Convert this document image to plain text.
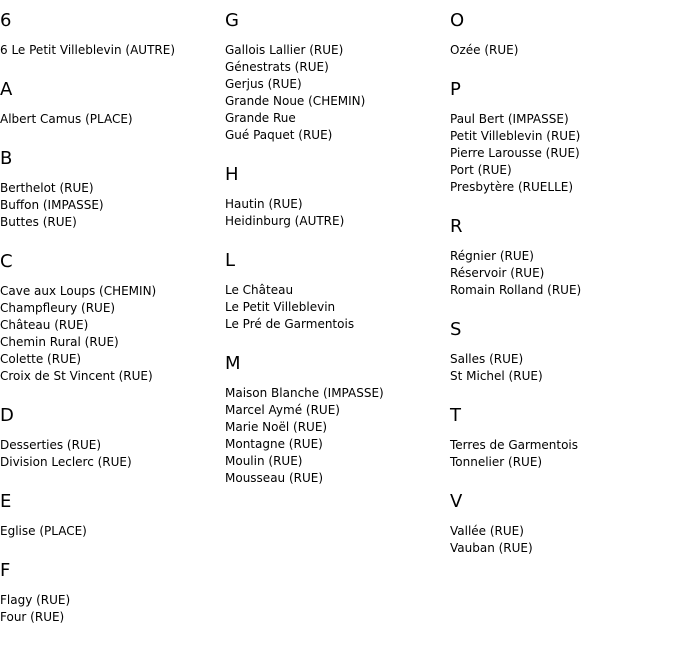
6
6 Le Petit Villeblevin (AUTRE)
A
Albert Camus (PLACE)
B
Berthelot (RUE)
Buffon (IMPASSE)
Buttes (RUE)
C
Cave aux Loups (CHEMIN)
Champfleury (RUE)
Château (RUE)
Chemin Rural (RUE)
Colette (RUE)
Croix de St Vincent (RUE)
D
Desserties (RUE)
Division Leclerc (RUE)
E
Eglise (PLACE)
F
Flagy (RUE)
Four (RUE)
G
Gallois Lallier (RUE)
Génestrats (RUE)
Gerjus (RUE)
Grande Noue (CHEMIN)
Grande Rue
Gué Paquet (RUE)
H
Hautin (RUE)
Heidinburg (AUTRE)
L
Le Château
Le Petit Villeblevin
Le Pré de Garmentois
M
Maison Blanche (IMPASSE)
Marcel Aymé (RUE)
Marie Noël (RUE)
Montagne (RUE)
Moulin (RUE)
Mousseau (RUE)
O
Ozée (RUE)
P
Paul Bert (IMPASSE)
Petit Villeblevin (RUE)
Pierre Larousse (RUE)
Port (RUE)
Presbytère (RUELLE)
R
Régnier (RUE)
Réservoir (RUE)
Romain Rolland (RUE)
S
Salles (RUE)
St Michel (RUE)
T
Terres de Garmentois
Tonnelier (RUE)
V
Vallée (RUE)
Vauban (RUE)
